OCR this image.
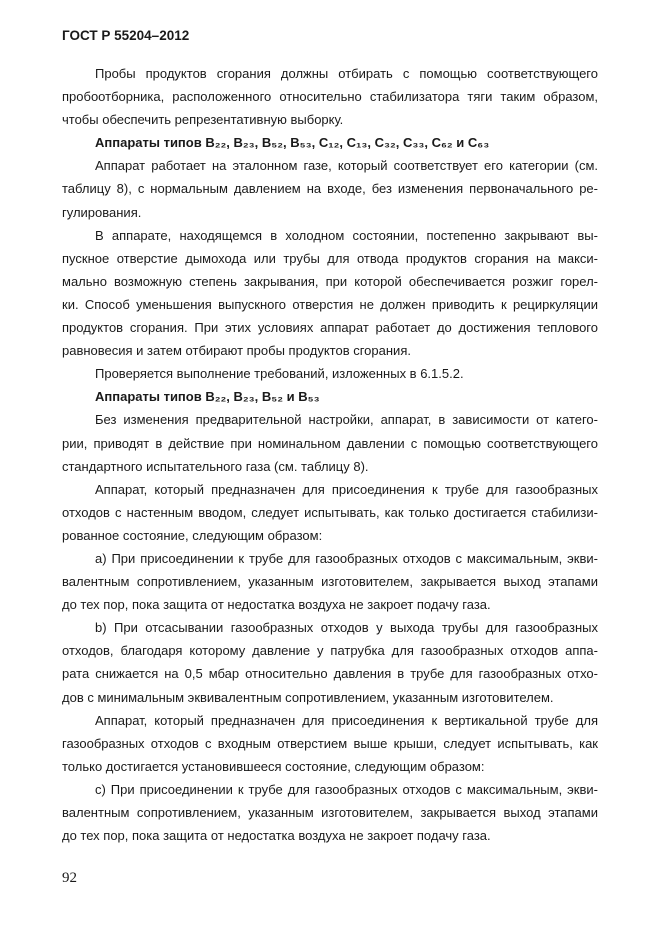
ГОСТ Р 55204–2012
Пробы продуктов сгорания должны отбирать с помощью соответствующего
пробоотборника, расположенного относительно стабилизатора тяги таким образом,
чтобы обеспечить репрезентативную выборку.
Аппараты типов B₂₂, B₂₃, B₅₂, B₅₃, C₁₂, C₁₃, C₃₂, C₃₃, C₆₂ и C₆₃
Аппарат работает на эталонном газе, который соответствует его категории (см.
таблицу 8), с нормальным давлением на входе, без изменения первоначального ре-
гулирования.
В аппарате, находящемся в холодном состоянии, постепенно закрывают вы-
пускное отверстие дымохода или трубы для отвода продуктов сгорания на макси-
мально возможную степень закрывания, при которой обеспечивается розжиг горел-
ки. Способ уменьшения выпускного отверстия не должен приводить к рециркуляции
продуктов сгорания. При этих условиях аппарат работает до достижения теплового
равновесия и затем отбирают пробы продуктов сгорания.
Проверяется выполнение требований, изложенных в 6.1.5.2.
Аппараты типов B₂₂, B₂₃, B₅₂ и B₅₃
Без изменения предварительной настройки, аппарат, в зависимости от катего-
рии, приводят в действие при номинальном давлении с помощью соответствующего
стандартного испытательного газа (см. таблицу 8).
Аппарат, который предназначен для присоединения к трубе для газообразных
отходов с настенным вводом, следует испытывать, как только достигается стабилизи-
рованное состояние, следующим образом:
a) При присоединении к трубе для газообразных отходов с максимальным, экви-
валентным сопротивлением, указанным изготовителем, закрывается выход этапами
до тех пор, пока защита от недостатка воздуха не закроет подачу газа.
b) При отсасывании газообразных отходов у выхода трубы для газообразных
отходов, благодаря которому давление у патрубка для газообразных отходов аппа-
рата снижается на 0,5 мбар относительно давления в трубе для газообразных отхо-
дов с минимальным эквивалентным сопротивлением, указанным изготовителем.
Аппарат, который предназначен для присоединения к вертикальной трубе для
газообразных отходов с входным отверстием выше крыши, следует испытывать, как
только достигается установившееся состояние, следующим образом:
c) При присоединении к трубе для газообразных отходов с максимальным, экви-
валентным сопротивлением, указанным изготовителем, закрывается выход этапами
до тех пор, пока защита от недостатка воздуха не закроет подачу газа.
92
